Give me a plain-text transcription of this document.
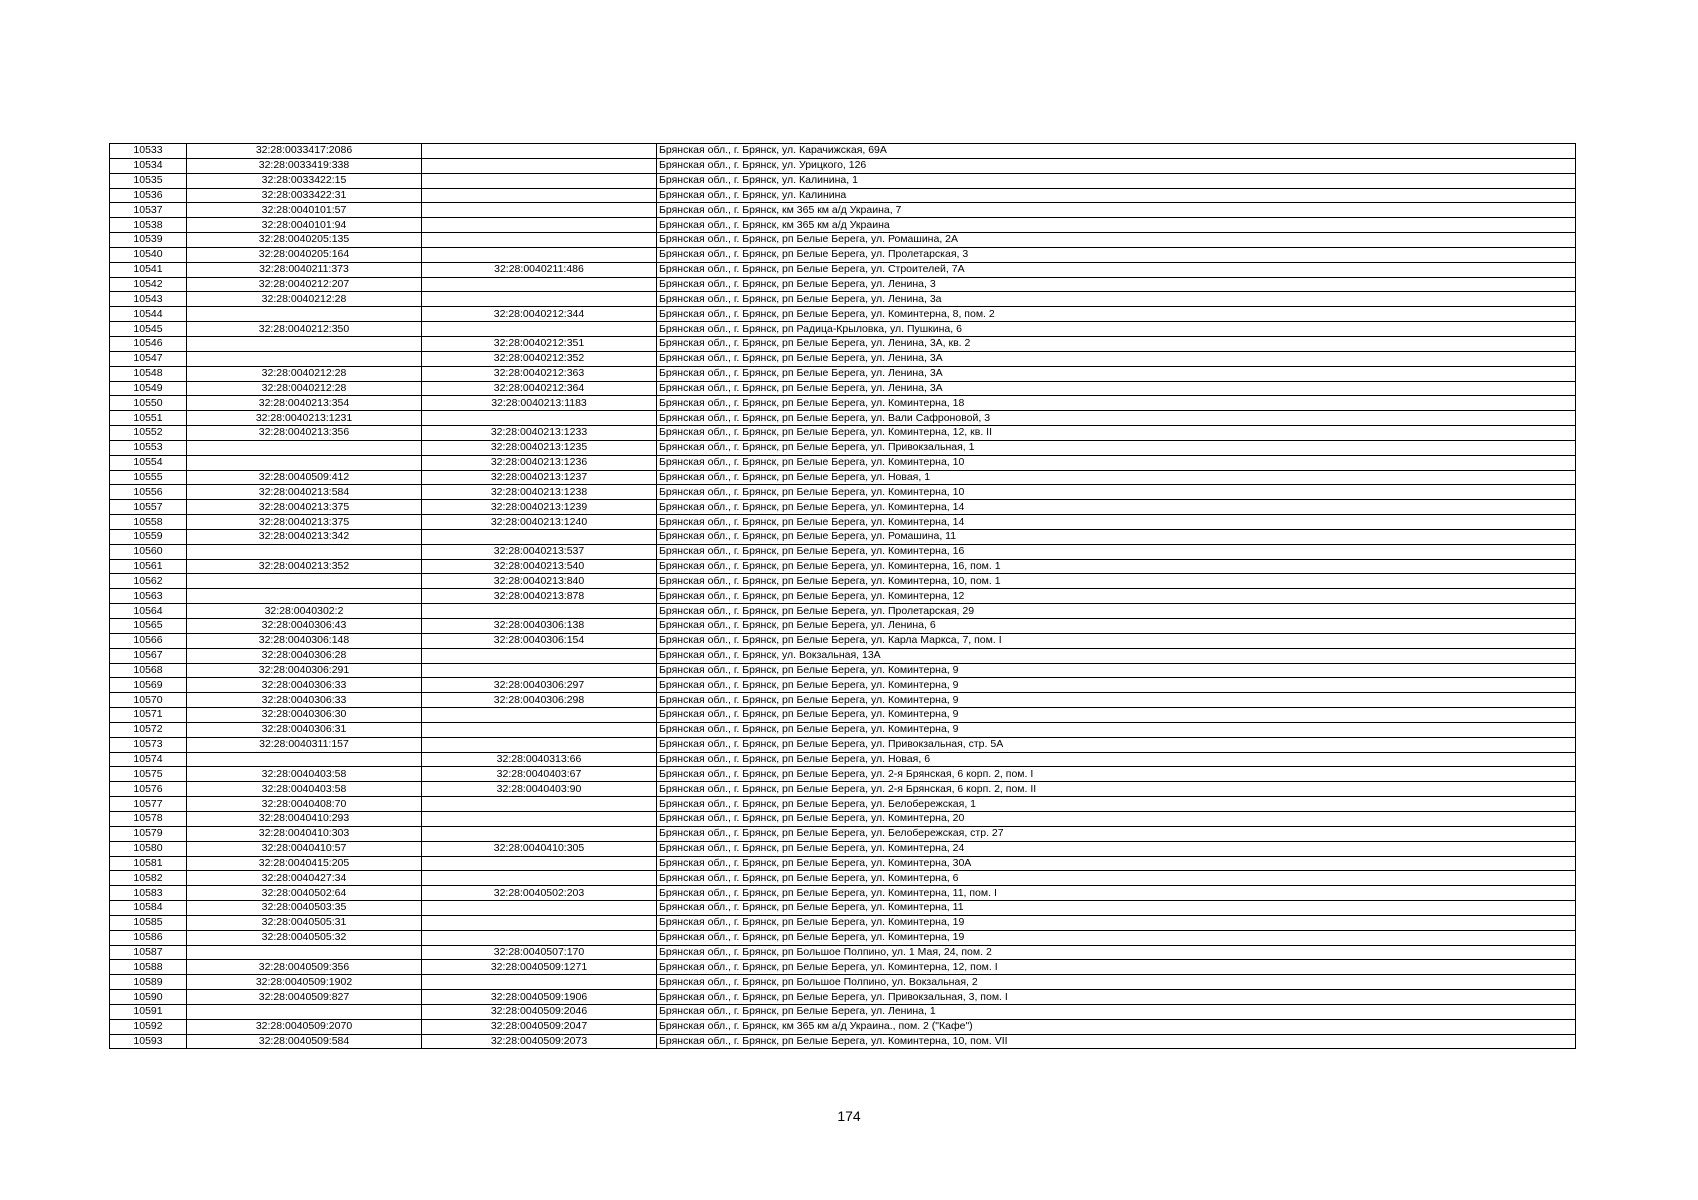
10533	32:28:0033417:2086		Брянская обл., г. Брянск, ул. Карачижская, 69А
10534	32:28:0033419:338		Брянская обл., г. Брянск, ул. Урицкого, 126
10535	32:28:0033422:15		Брянская обл., г. Брянск, ул. Калинина, 1
10536	32:28:0033422:31		Брянская обл., г. Брянск, ул. Калинина
10537	32:28:0040101:57		Брянская обл., г. Брянск, км 365 км а/д Украина, 7
10538	32:28:0040101:94		Брянская обл., г. Брянск, км 365 км а/д Украина
10539	32:28:0040205:135		Брянская обл., г. Брянск, рп Белые Берега, ул. Ромашина, 2А
10540	32:28:0040205:164		Брянская обл., г. Брянск, рп Белые Берега, ул. Пролетарская, 3
10541	32:28:0040211:373	32:28:0040211:486	Брянская обл., г. Брянск, рп Белые Берега, ул. Строителей, 7А
10542	32:28:0040212:207		Брянская обл., г. Брянск, рп Белые Берега, ул. Ленина, 3
10543	32:28:0040212:28		Брянская обл., г. Брянск, рп Белые Берега, ул. Ленина, 3а
10544		32:28:0040212:344	Брянская обл., г. Брянск, рп Белые Берега, ул. Коминтерна, 8, пом. 2
10545	32:28:0040212:350		Брянская обл., г. Брянск, рп Радица-Крыловка, ул. Пушкина, 6
10546		32:28:0040212:351	Брянская обл., г. Брянск, рп Белые Берега, ул. Ленина, 3А, кв. 2
10547		32:28:0040212:352	Брянская обл., г. Брянск, рп Белые Берега, ул. Ленина, 3А
10548	32:28:0040212:28	32:28:0040212:363	Брянская обл., г. Брянск, рп Белые Берега, ул. Ленина, 3А
10549	32:28:0040212:28	32:28:0040212:364	Брянская обл., г. Брянск, рп Белые Берега, ул. Ленина, 3А
10550	32:28:0040213:354	32:28:0040213:1183	Брянская обл., г. Брянск, рп Белые Берега, ул. Коминтерна, 18
10551	32:28:0040213:1231		Брянская обл., г. Брянск, рп Белые Берега, ул. Вали Сафроновой, 3
10552	32:28:0040213:356	32:28:0040213:1233	Брянская обл., г. Брянск, рп Белые Берега, ул. Коминтерна, 12, кв. II
10553		32:28:0040213:1235	Брянская обл., г. Брянск, рп Белые Берега, ул. Привокзальная, 1
10554		32:28:0040213:1236	Брянская обл., г. Брянск, рп Белые Берега, ул. Коминтерна, 10
10555	32:28:0040509:412	32:28:0040213:1237	Брянская обл., г. Брянск, рп Белые Берега, ул. Новая, 1
10556	32:28:0040213:584	32:28:0040213:1238	Брянская обл., г. Брянск, рп Белые Берега, ул. Коминтерна, 10
10557	32:28:0040213:375	32:28:0040213:1239	Брянская обл., г. Брянск, рп Белые Берега, ул. Коминтерна, 14
10558	32:28:0040213:375	32:28:0040213:1240	Брянская обл., г. Брянск, рп Белые Берега, ул. Коминтерна, 14
10559	32:28:0040213:342		Брянская обл., г. Брянск, рп Белые Берега, ул. Ромашина, 11
10560		32:28:0040213:537	Брянская обл., г. Брянск, рп Белые Берега, ул. Коминтерна, 16
10561	32:28:0040213:352	32:28:0040213:540	Брянская обл., г. Брянск, рп Белые Берега, ул. Коминтерна, 16, пом. 1
10562		32:28:0040213:840	Брянская обл., г. Брянск, рп Белые Берега, ул. Коминтерна, 10, пом. 1
10563		32:28:0040213:878	Брянская обл., г. Брянск, рп Белые Берега, ул. Коминтерна, 12
10564	32:28:0040302:2		Брянская обл., г. Брянск, рп Белые Берега, ул. Пролетарская, 29
10565	32:28:0040306:43	32:28:0040306:138	Брянская обл., г. Брянск, рп Белые Берега, ул. Ленина, 6
10566	32:28:0040306:148	32:28:0040306:154	Брянская обл., г. Брянск, рп Белые Берега, ул. Карла Маркса, 7, пом. I
10567	32:28:0040306:28		Брянская обл., г. Брянск, ул. Вокзальная, 13А
10568	32:28:0040306:291		Брянская обл., г. Брянск, рп Белые Берега, ул. Коминтерна, 9
10569	32:28:0040306:33	32:28:0040306:297	Брянская обл., г. Брянск, рп Белые Берега, ул. Коминтерна, 9
10570	32:28:0040306:33	32:28:0040306:298	Брянская обл., г. Брянск, рп Белые Берега, ул. Коминтерна, 9
10571	32:28:0040306:30		Брянская обл., г. Брянск, рп Белые Берега, ул. Коминтерна, 9
10572	32:28:0040306:31		Брянская обл., г. Брянск, рп Белые Берега, ул. Коминтерна, 9
10573	32:28:0040311:157		Брянская обл., г. Брянск, рп Белые Берега, ул. Привокзальная, стр. 5А
10574		32:28:0040313:66	Брянская обл., г. Брянск, рп Белые Берега, ул. Новая, 6
10575	32:28:0040403:58	32:28:0040403:67	Брянская обл., г. Брянск, рп Белые Берега, ул. 2-я Брянская, 6 корп. 2, пом. I
10576	32:28:0040403:58	32:28:0040403:90	Брянская обл., г. Брянск, рп Белые Берега, ул. 2-я Брянская, 6 корп. 2, пом. II
10577	32:28:0040408:70		Брянская обл., г. Брянск, рп Белые Берега, ул. Белобережская, 1
10578	32:28:0040410:293		Брянская обл., г. Брянск, рп Белые Берега, ул. Коминтерна, 20
10579	32:28:0040410:303		Брянская обл., г. Брянск, рп Белые Берега, ул. Белобережская, стр. 27
10580	32:28:0040410:57	32:28:0040410:305	Брянская обл., г. Брянск, рп Белые Берега, ул. Коминтерна, 24
10581	32:28:0040415:205		Брянская обл., г. Брянск, рп Белые Берега, ул. Коминтерна, 30А
10582	32:28:0040427:34		Брянская обл., г. Брянск, рп Белые Берега, ул. Коминтерна, 6
10583	32:28:0040502:64	32:28:0040502:203	Брянская обл., г. Брянск, рп Белые Берега, ул. Коминтерна, 11, пом. I
10584	32:28:0040503:35		Брянская обл., г. Брянск, рп Белые Берега, ул. Коминтерна, 11
10585	32:28:0040505:31		Брянская обл., г. Брянск, рп Белые Берега, ул. Коминтерна, 19
10586	32:28:0040505:32		Брянская обл., г. Брянск, рп Белые Берега, ул. Коминтерна, 19
10587		32:28:0040507:170	Брянская обл., г. Брянск, рп Большое Полпино, ул. 1 Мая, 24, пом. 2
10588	32:28:0040509:356	32:28:0040509:1271	Брянская обл., г. Брянск, рп Белые Берега, ул. Коминтерна, 12, пом. I
10589	32:28:0040509:1902		Брянская обл., г. Брянск, рп Большое Полпино, ул. Вокзальная, 2
10590	32:28:0040509:827	32:28:0040509:1906	Брянская обл., г. Брянск, рп Белые Берега, ул. Привокзальная, 3, пом. I
10591		32:28:0040509:2046	Брянская обл., г. Брянск, рп Белые Берега, ул. Ленина, 1
10592	32:28:0040509:2070	32:28:0040509:2047	Брянская обл., г. Брянск, км 365 км а/д Украина., пом. 2 ("Кафе")
10593	32:28:0040509:584	32:28:0040509:2073	Брянская обл., г. Брянск, рп Белые Берега, ул. Коминтерна, 10, пом. VII
174
